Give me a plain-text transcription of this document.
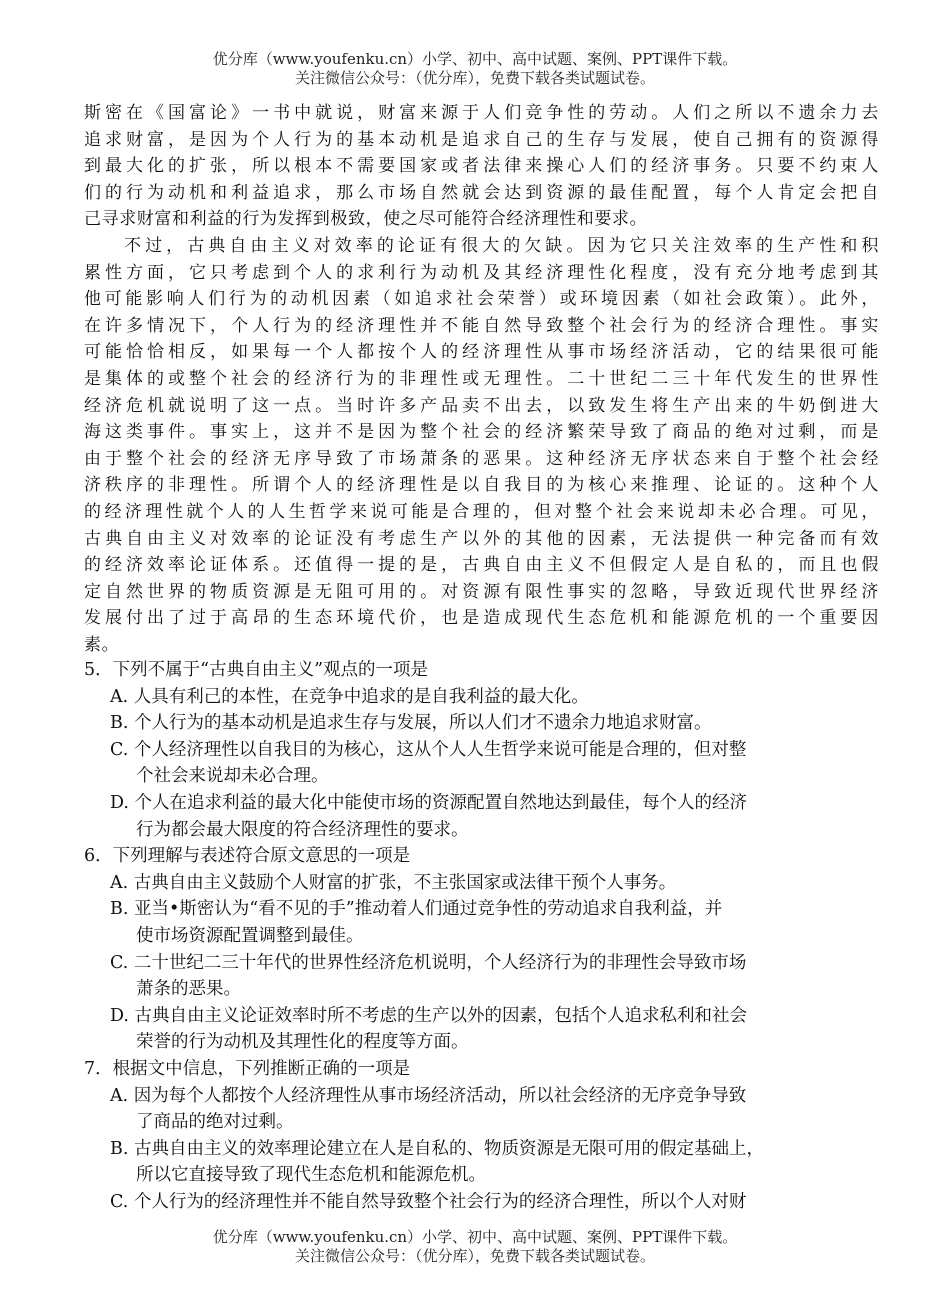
优分库（www.youfenku.cn）小学、初中、高中试题、案例、PPT课件下载。
关注微信公众号：（优分库），免费下载各类试题试卷。
斯密在《国富论》一书中就说，财富来源于人们竞争性的劳动。人们之所以不遗余力去
追求财富，是因为个人行为的基本动机是追求自己的生存与发展，使自己拥有的资源得
到最大化的扩张，所以根本不需要国家或者法律来操心人们的经济事务。只要不约束人
们的行为动机和利益追求，那么市场自然就会达到资源的最佳配置，每个人肯定会把自
己寻求财富和利益的行为发挥到极致，使之尽可能符合经济理性和要求。
不过，古典自由主义对效率的论证有很大的欠缺。因为它只关注效率的生产性和积
累性方面，它只考虑到个人的求利行为动机及其经济理性化程度，没有充分地考虑到其
他可能影响人们行为的动机因素（如追求社会荣誉）或环境因素（如社会政策）。此外，
在许多情况下，个人行为的经济理性并不能自然导致整个社会行为的经济合理性。事实
可能恰恰相反，如果每一个人都按个人的经济理性从事市场经济活动，它的结果很可能
是集体的或整个社会的经济行为的非理性或无理性。二十世纪二三十年代发生的世界性
经济危机就说明了这一点。当时许多产品卖不出去，以致发生将生产出来的牛奶倒进大
海这类事件。事实上，这并不是因为整个社会的经济繁荣导致了商品的绝对过剩，而是
由于整个社会的经济无序导致了市场萧条的恶果。这种经济无序状态来自于整个社会经
济秩序的非理性。所谓个人的经济理性是以自我目的为核心来推理、论证的。这种个人
的经济理性就个人的人生哲学来说可能是合理的，但对整个社会来说却未必合理。可见，
古典自由主义对效率的论证没有考虑生产以外的其他的因素，无法提供一种完备而有效
的经济效率论证体系。还值得一提的是，古典自由主义不但假定人是自私的，而且也假
定自然世界的物质资源是无阻可用的。对资源有限性事实的忽略，导致近现代世界经济
发展付出了过于高昂的生态环境代价，也是造成现代生态危机和能源危机的一个重要因
素。
5．下列不属于“古典自由主义”观点的一项是
A. 人具有利己的本性，在竞争中追求的是自我利益的最大化。
B. 个人行为的基本动机是追求生存与发展，所以人们才不遗余力地追求财富。
C. 个人经济理性以自我目的为核心，这从个人人生哲学来说可能是合理的，但对整
个社会来说却未必合理。
D. 个人在追求利益的最大化中能使市场的资源配置自然地达到最佳，每个人的经济
行为都会最大限度的符合经济理性的要求。
6．下列理解与表述符合原文意思的一项是
A. 古典自由主义鼓励个人财富的扩张，不主张国家或法律干预个人事务。
B. 亚当•斯密认为“看不见的手”推动着人们通过竞争性的劳动追求自我利益，并
使市场资源配置调整到最佳。
C. 二十世纪二三十年代的世界性经济危机说明，个人经济行为的非理性会导致市场
萧条的恶果。
D. 古典自由主义论证效率时所不考虑的生产以外的因素，包括个人追求私利和社会
荣誉的行为动机及其理性化的程度等方面。
7．根据文中信息，下列推断正确的一项是
A. 因为每个人都按个人经济理性从事市场经济活动，所以社会经济的无序竞争导致
了商品的绝对过剩。
B. 古典自由主义的效率理论建立在人是自私的、物质资源是无限可用的假定基础上，
所以它直接导致了现代生态危机和能源危机。
C. 个人行为的经济理性并不能自然导致整个社会行为的经济合理性，所以个人对财
优分库（www.youfenku.cn）小学、初中、高中试题、案例、PPT课件下载。
关注微信公众号：（优分库），免费下载各类试题试卷。
